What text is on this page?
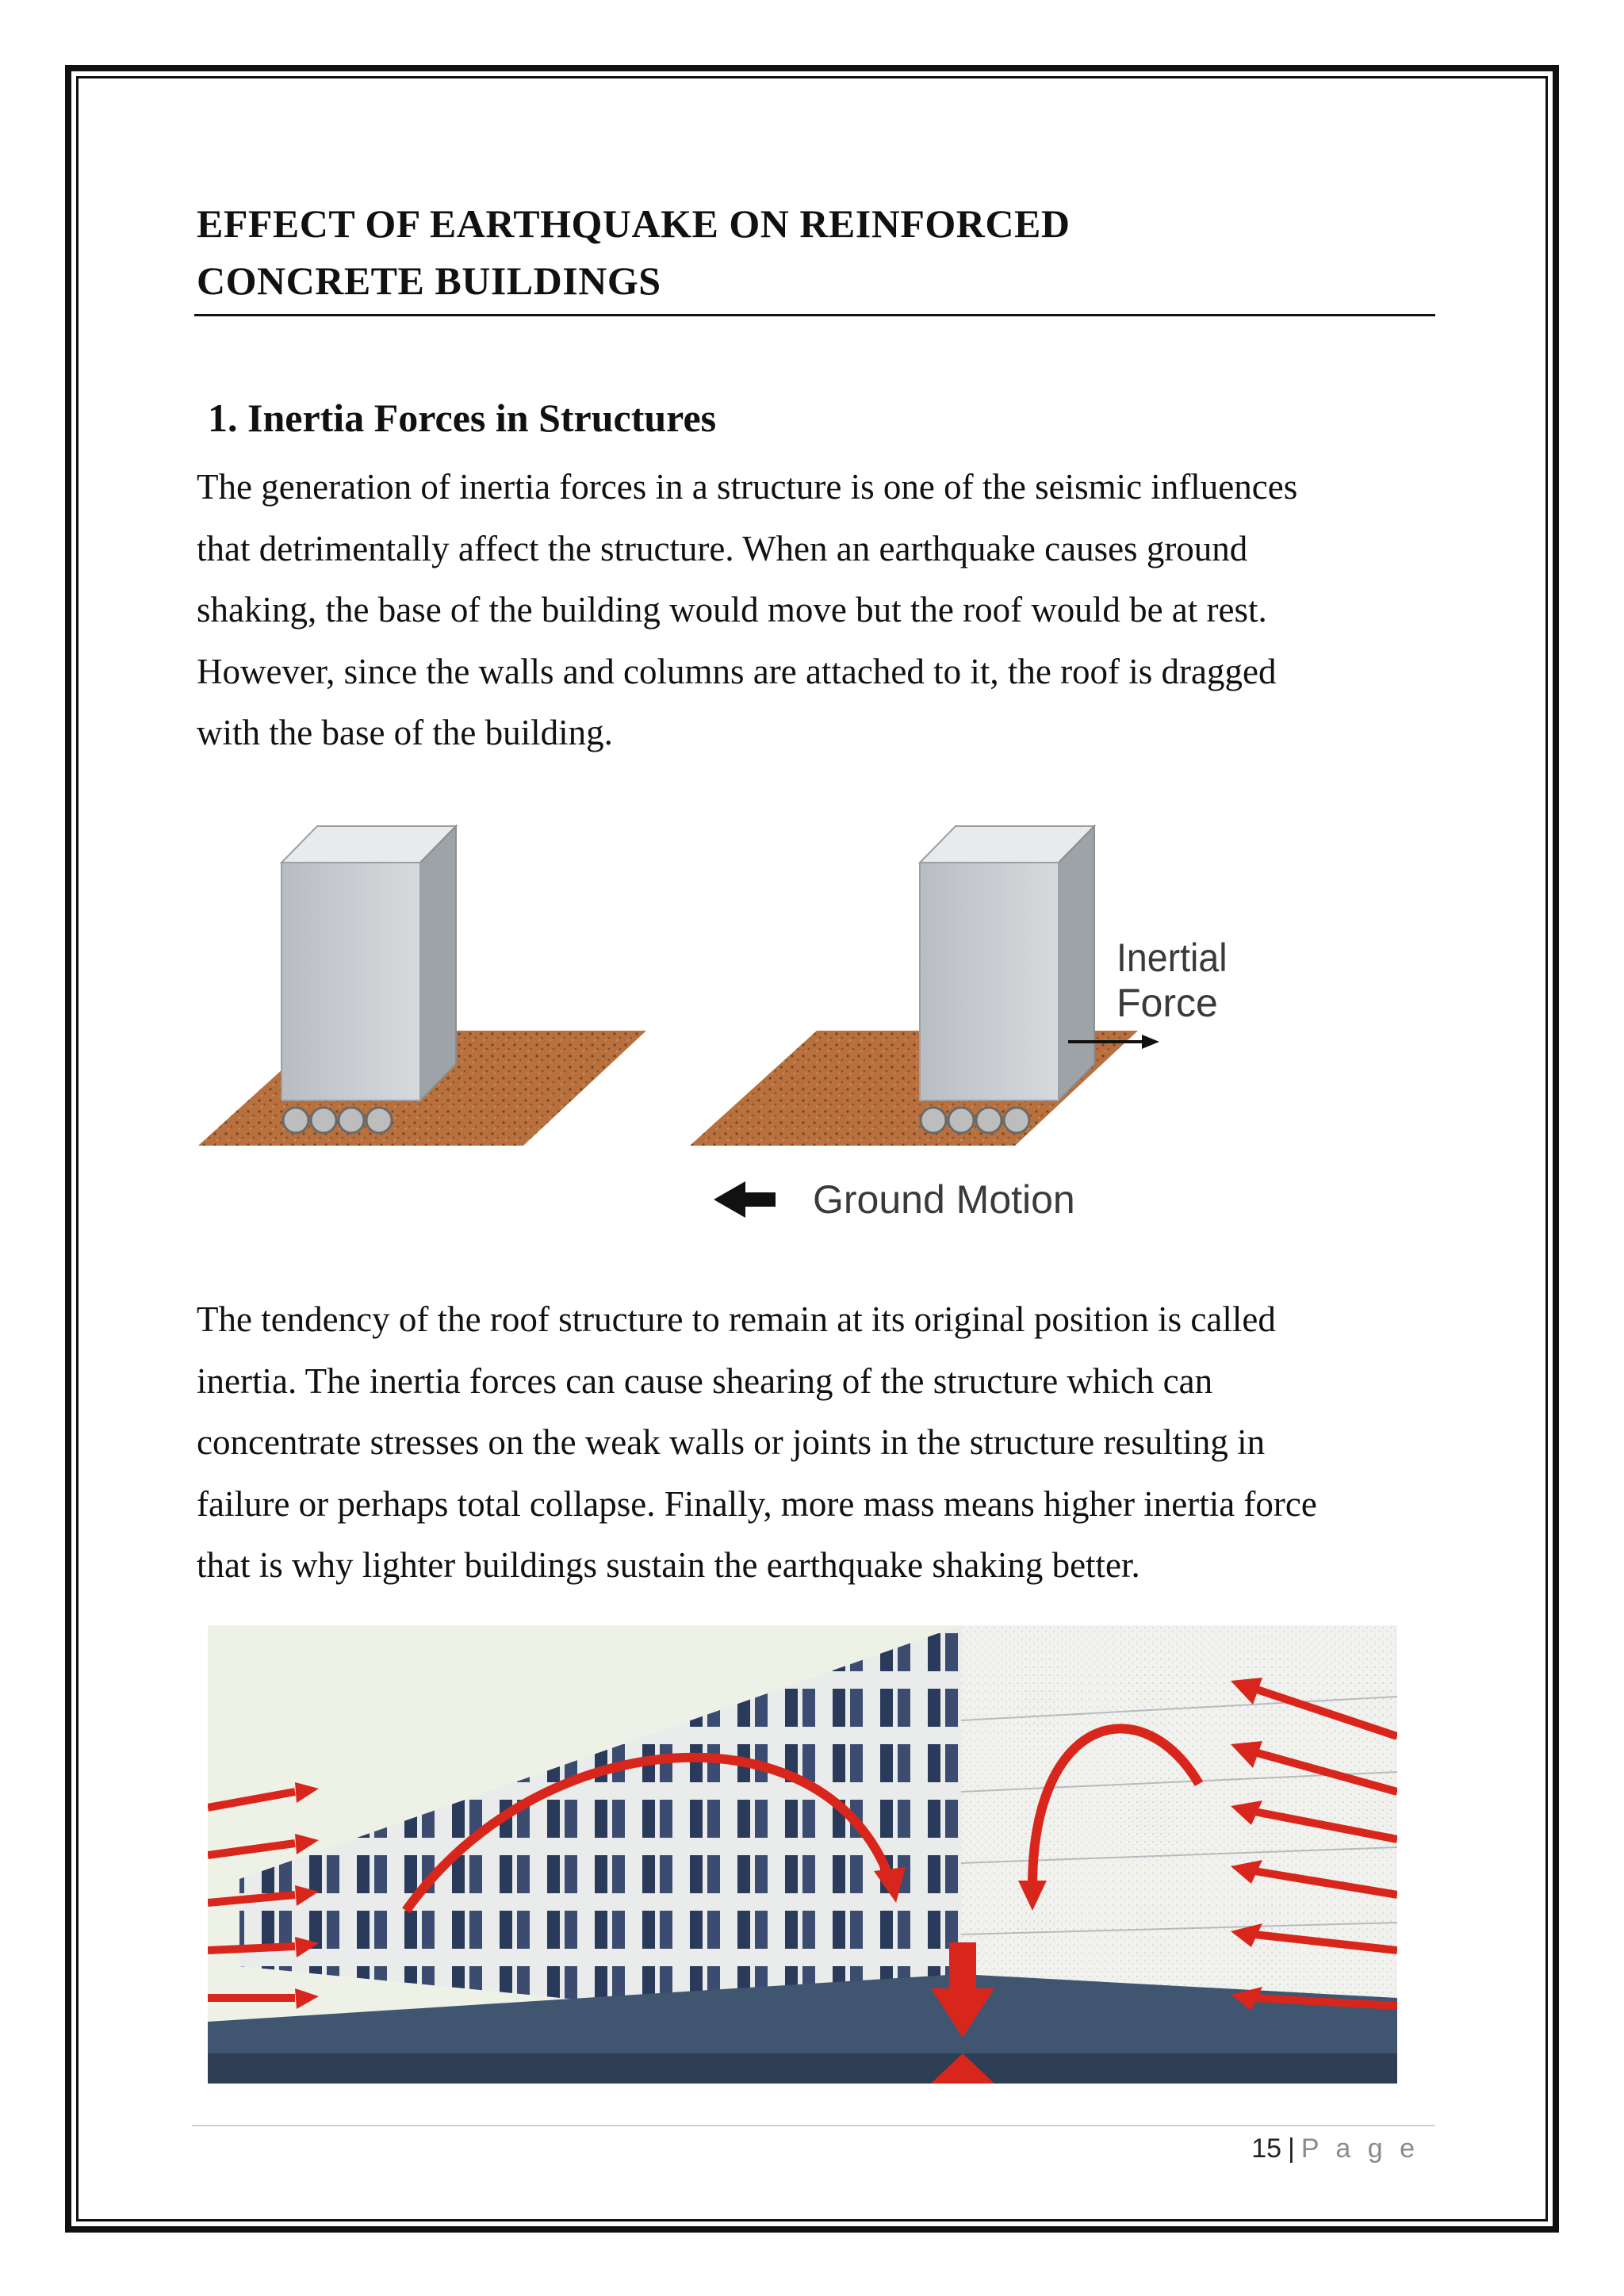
EFFECT OF EARTHQUAKE ON REINFORCED
CONCRETE BUILDINGS
1. Inertia Forces in Structures

The generation of inertia forces in a structure is one of the seismic influences
that detrimentally affect the structure. When an earthquake causes ground
shaking, the base of the building would move but the roof would be at rest.
However, since the walls and columns are attached to it, the roof is dragged
with the base of the building.

Inertial
Force
Ground Motion

The tendency of the roof structure to remain at its original position is called
inertia. The inertia forces can cause shearing of the structure which can
concentrate stresses on the weak walls or joints in the structure resulting in
failure or perhaps total collapse. Finally, more mass means higher inertia force
that is why lighter buildings sustain the earthquake shaking better.

15 | P a g e
